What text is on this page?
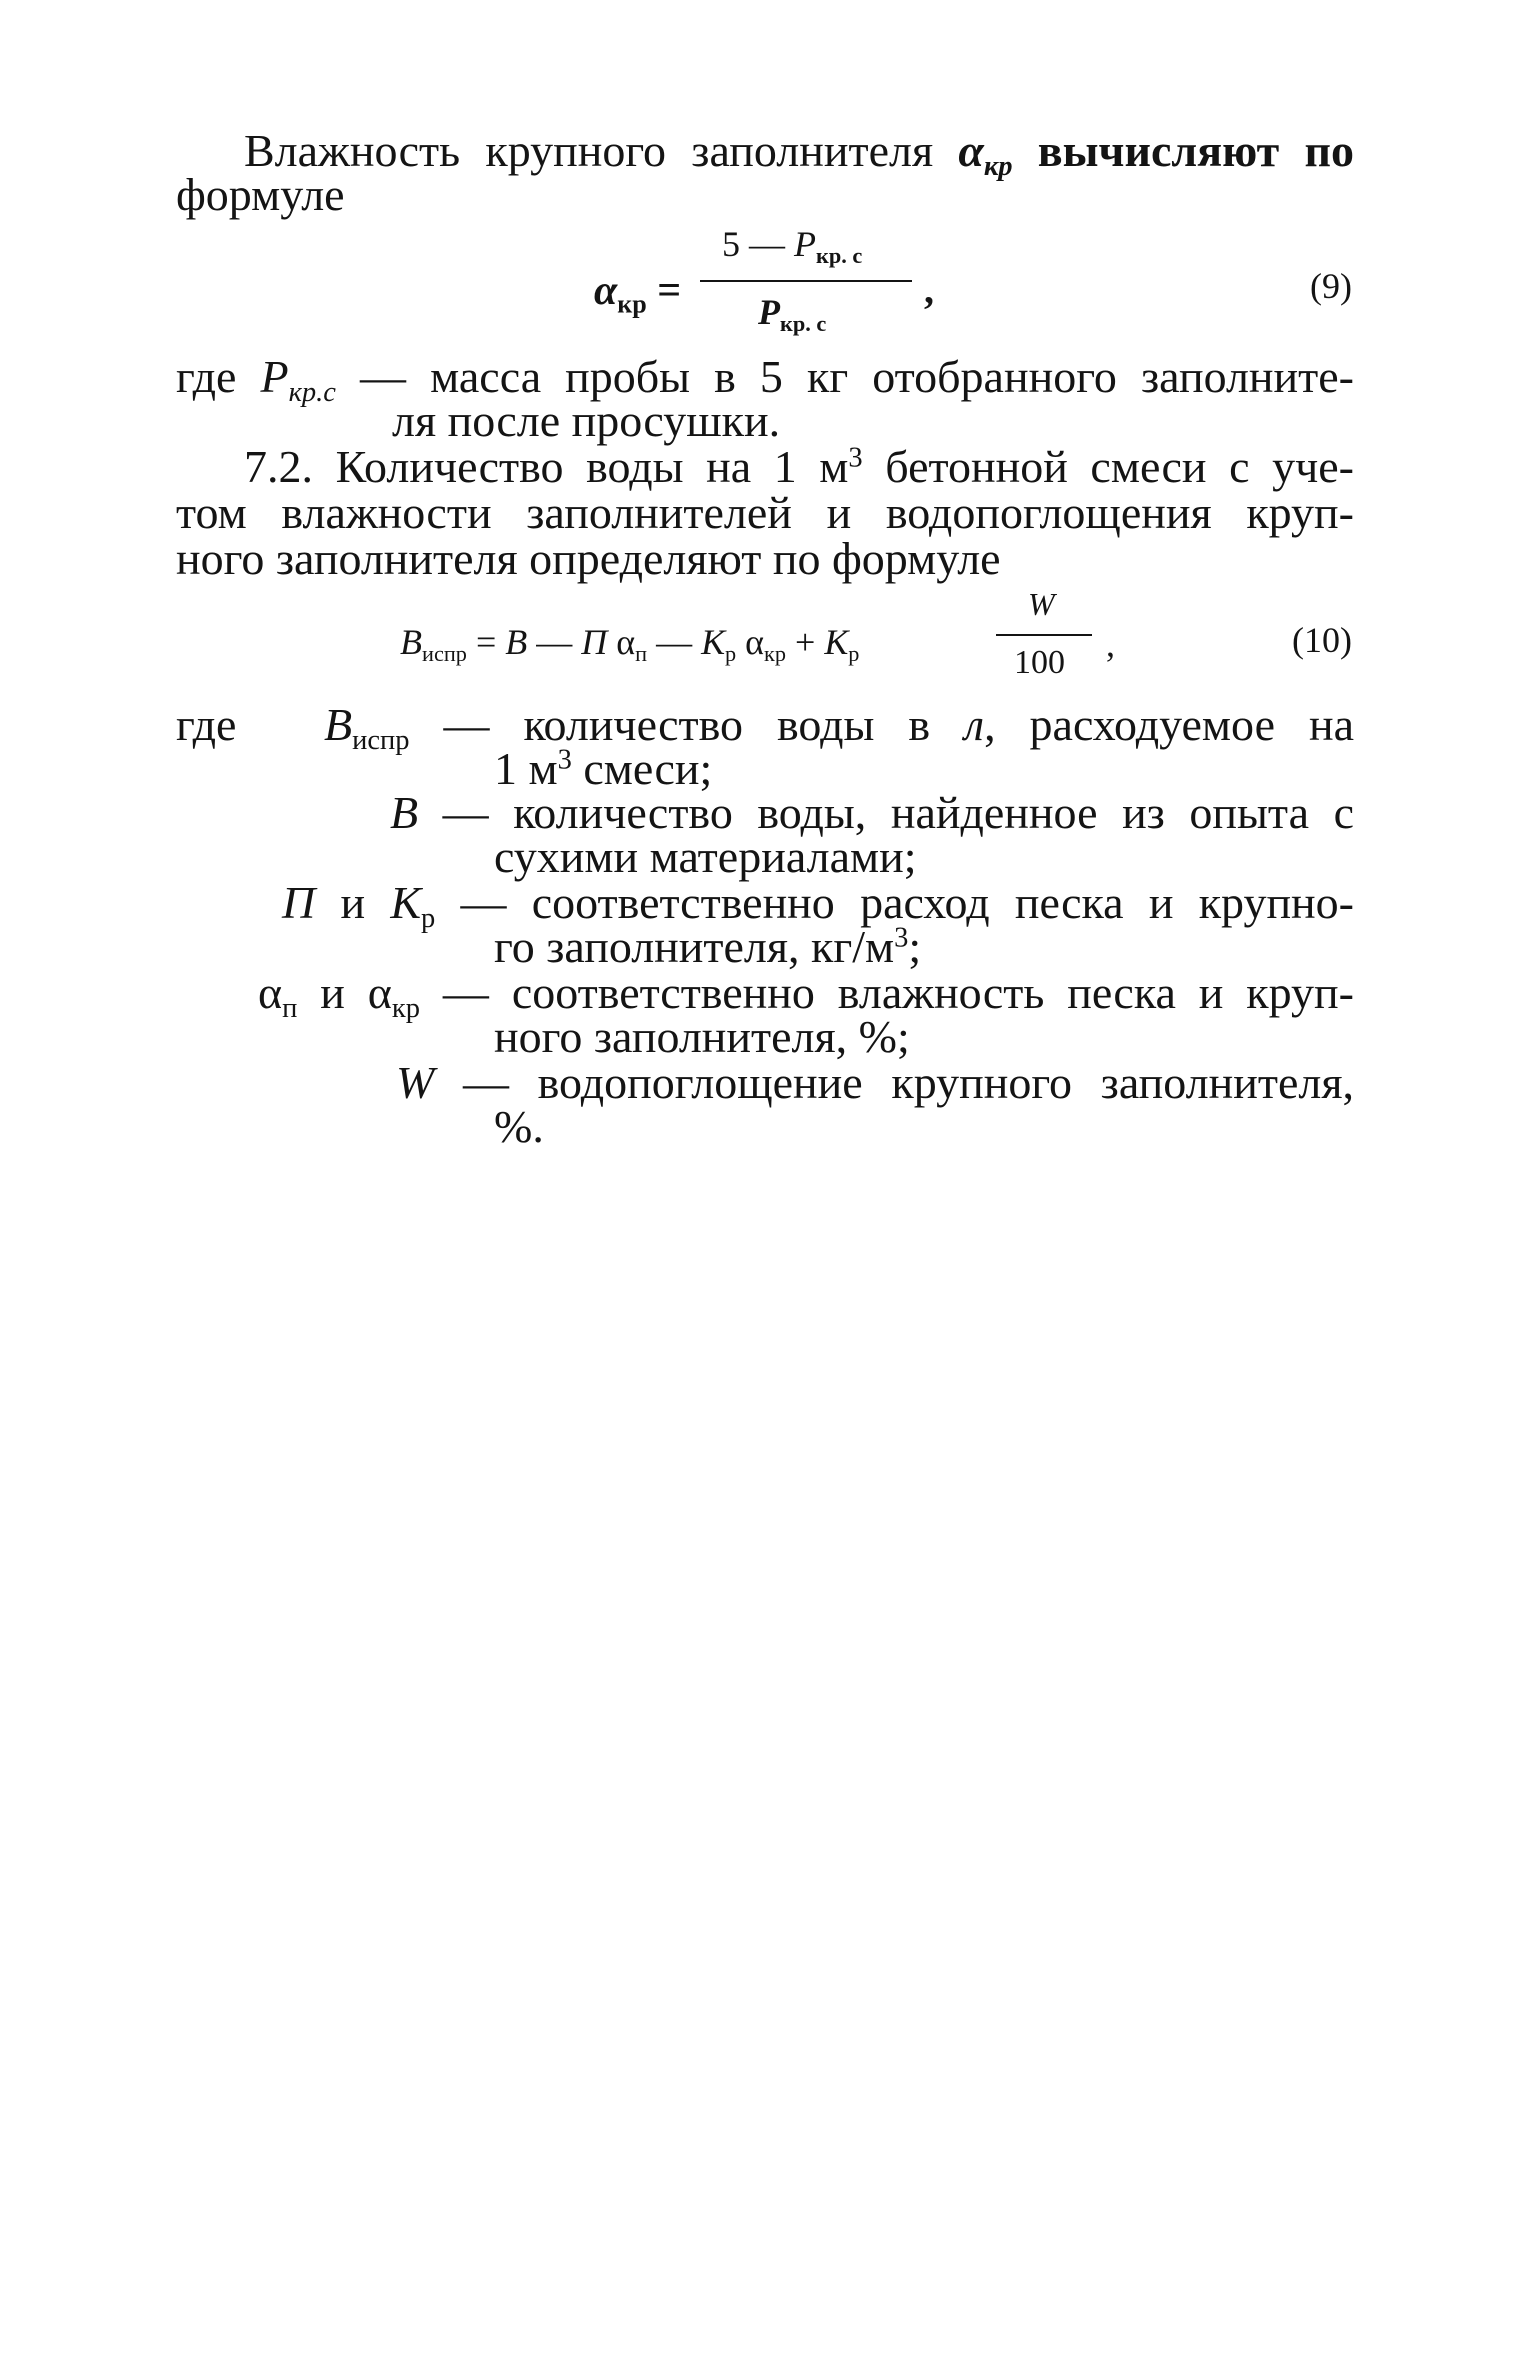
Влажность крупного заполнителя $\alpha_{кр}$ вычисляют по
формуле
$\alpha_{кр}$ =
5 — $P_{кр. с}$
$P_{кр. с}$
,	(9)
где $P_{кр.с}$ — масса пробы в 5 кг отобранного заполните-
ля после просушки.
7.2. Количество воды на 1 $м^3$ бетонной смеси с уче-
том влажности заполнителей и водопоглощения круп-
ного заполнителя определяют по формуле
$В_{испр} = В$ — П $\alpha_п$ — $К_р$ $\alpha_{кр} + К_р$
W
100 ,	(10)
где $В_{испр}$ — количество воды в л, расходуемое на
1 $м^3$ смеси;
В — количество воды, найденное из опыта с
сухими материалами;
П и $К_р$ — соответственно расход песка и крупно-
го заполнителя, $кг/м^3$;
$\alpha_п$ и $\alpha_{кр}$ — соответственно влажность песка и круп-
ного заполнителя, %;
W — водопоглощение крупного заполнителя,
%.
